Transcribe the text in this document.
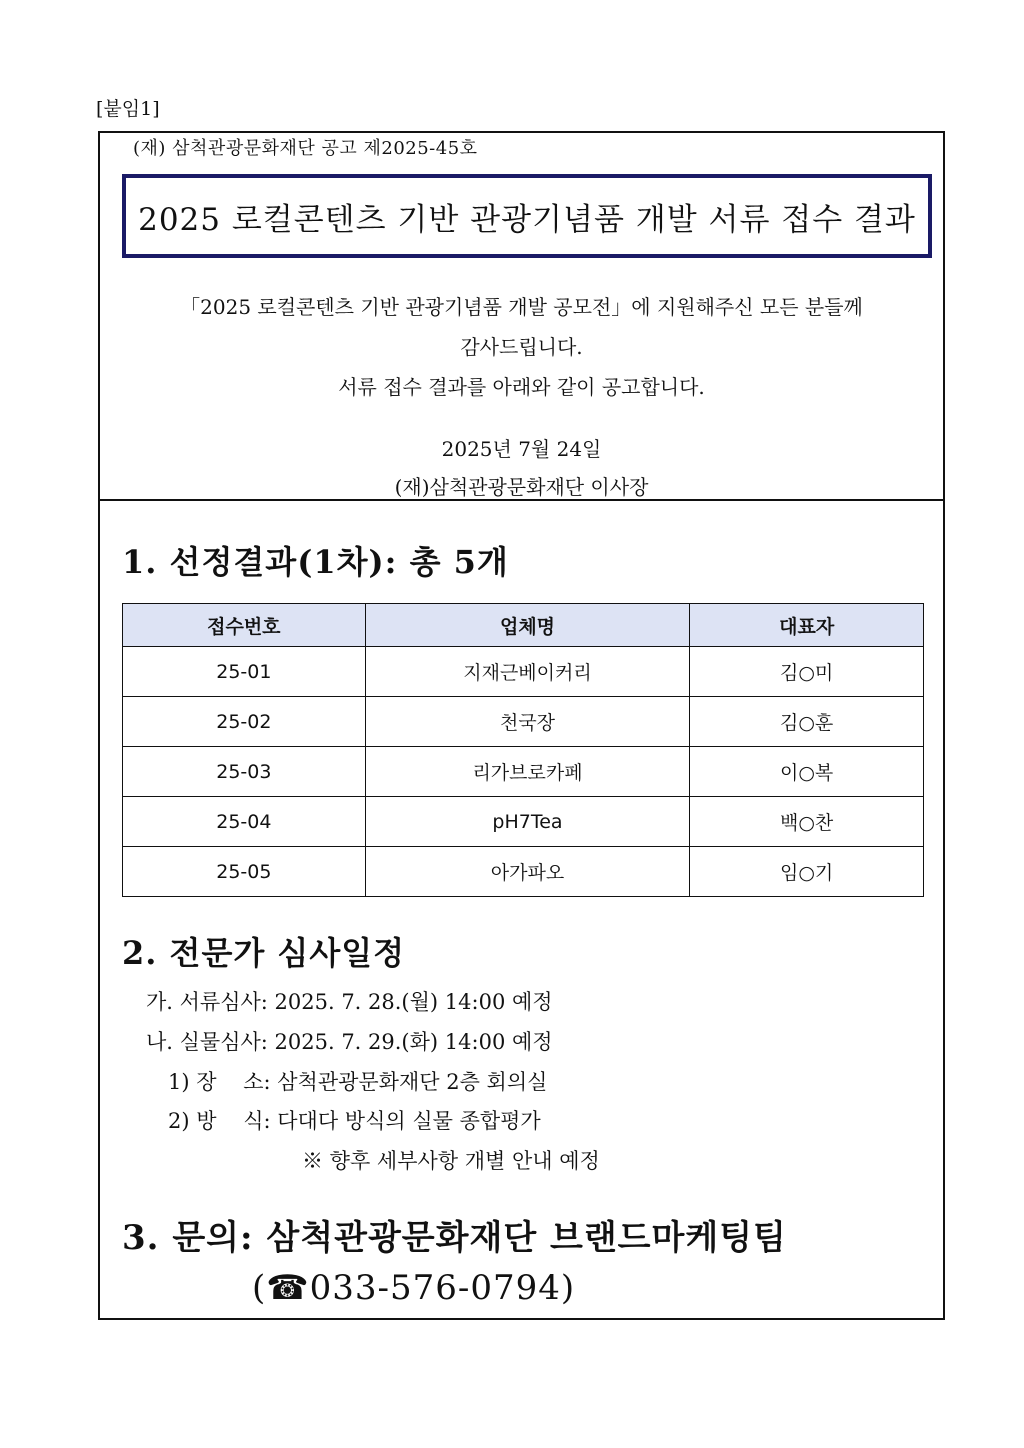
[붙임1]
(재) 삼척관광문화재단 공고 제2025-45호
2025 로컬콘텐츠 기반 관광기념품 개발 서류 접수 결과
「2025 로컬콘텐츠 기반 관광기념품 개발 공모전」에 지원해주신 모든 분들께
감사드립니다.
서류 접수 결과를 아래와 같이 공고합니다.
2025년 7월 24일
(재)삼척관광문화재단 이사장
1. 선정결과(1차): 총 5개
접수번호	업체명	대표자
25-01	지재근베이커리	김○미
25-02	천국장	김○훈
25-03	리가브로카페	이○복
25-04	pH7Tea	백○찬
25-05	아가파오	임○기
2. 전문가 심사일정
가. 서류심사: 2025. 7. 28.(월) 14:00 예정
나. 실물심사: 2025. 7. 29.(화) 14:00 예정
1) 장    소: 삼척관광문화재단 2층 회의실
2) 방    식: 다대다 방식의 실물 종합평가
※ 향후 세부사항 개별 안내 예정
3. 문의: 삼척관광문화재단 브랜드마케팅팀
(☎033-576-0794)
